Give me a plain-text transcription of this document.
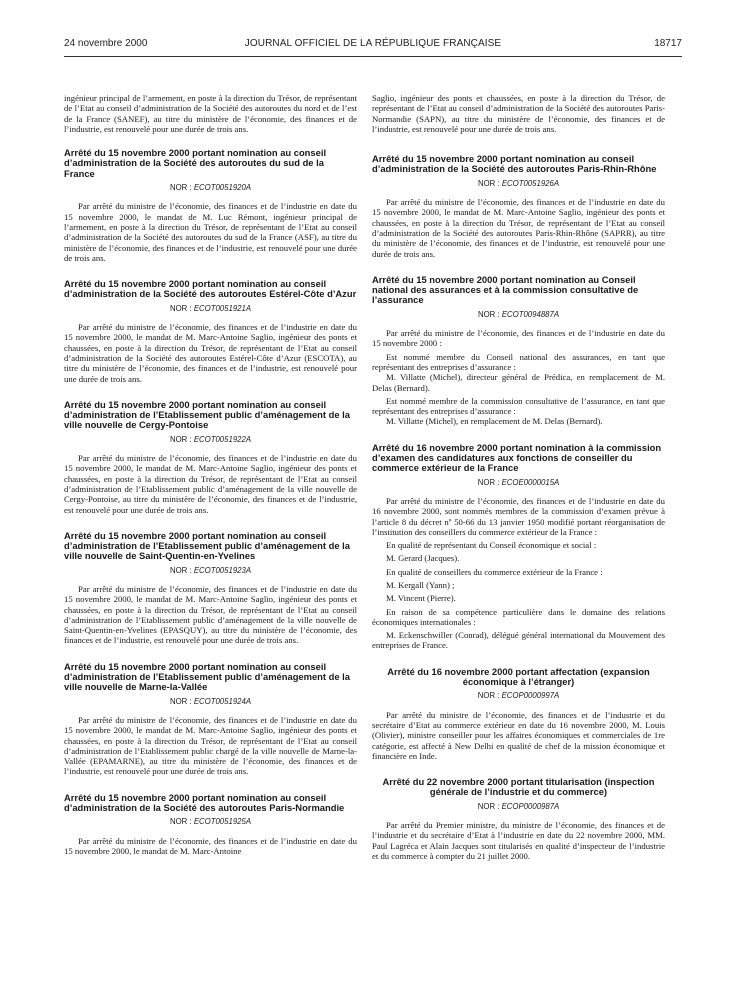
24 novembre 2000	JOURNAL OFFICIEL DE LA RÉPUBLIQUE FRANÇAISE	18717

ingénieur principal de l’armement, en poste à la direction du Trésor, de représentant de l’Etat au conseil d’administration de la Société des autoroutes du nord et de l’est de la France (SANEF), au titre du ministère de l’économie, des finances et de l’industrie, est renouvelé pour une durée de trois ans.

Arrêté du 15 novembre 2000 portant nomination au conseil d’administration de la Société des autoroutes du sud de la France

NOR : ECOT0051920A

Par arrêté du ministre de l’économie, des finances et de l’industrie en date du 15 novembre 2000, le mandat de M. Luc Rémont, ingénieur principal de l’armement, en poste à la direction du Trésor, de représentant de l’Etat au conseil d’administration de la Société des autoroutes du sud de la France (ASF), au titre du ministère de l’économie, des finances et de l’industrie, est renouvelé pour une durée de trois ans.

Arrêté du 15 novembre 2000 portant nomination au conseil d’administration de la Société des autoroutes Estérel-Côte d’Azur

NOR : ECOT0051921A

Par arrêté du ministre de l’économie, des finances et de l’industrie en date du 15 novembre 2000, le mandat de M. Marc-Antoine Saglio, ingénieur des ponts et chaussées, en poste à la direction du Trésor, de représentant de l’Etat au conseil d’administration de la Société des autoroutes Estérel-Côte d’Azur (ESCOTA), au titre du ministère de l’économie, des finances et de l’industrie, est renouvelé pour une durée de trois ans.

Arrêté du 15 novembre 2000 portant nomination au conseil d’administration de l’Etablissement public d’aménagement de la ville nouvelle de Cergy-Pontoise

NOR : ECOT0051922A

Par arrêté du ministre de l’économie, des finances et de l’industrie en date du 15 novembre 2000, le mandat de M. Marc-Antoine Saglio, ingénieur des ponts et chaussées, en poste à la direction du Trésor, de représentant de l’Etat au conseil d’administration de l’Etablissement public d’aménagement de la ville nouvelle de Cergy-Pontoise, au titre du ministère de l’économie, des finances et de l’industrie, est renouvelé pour une durée de trois ans.

Arrêté du 15 novembre 2000 portant nomination au conseil d’administration de l’Etablissement public d’aménagement de la ville nouvelle de Saint-Quentin-en-Yvelines

NOR : ECOT0051923A

Par arrêté du ministre de l’économie, des finances et de l’industrie en date du 15 novembre 2000, le mandat de M. Marc-Antoine Saglio, ingénieur des ponts et chaussées, en poste à la direction du Trésor, de représentant de l’Etat au conseil d’administration de l’Etablissement public d’aménagement de la ville nouvelle de Saint-Quentin-en-Yvelines (EPASQUY), au titre du ministère de l’économie, des finances et de l’industrie, est renouvelé pour une durée de trois ans.

Arrêté du 15 novembre 2000 portant nomination au conseil d’administration de l’Etablissement public d’aménagement de la ville nouvelle de Marne-la-Vallée

NOR : ECOT0051924A

Par arrêté du ministre de l’économie, des finances et de l’industrie en date du 15 novembre 2000, le mandat de M. Marc-Antoine Saglio, ingénieur des ponts et chaussées, en poste à la direction du Trésor, de représentant de l’Etat au conseil d’administration de l’Etablissement public chargé de la ville nouvelle de Marne-la-Vallée (EPAMARNE), au titre du ministère de l’économie, des finances et de l’industrie, est renouvelé pour une durée de trois ans.

Arrêté du 15 novembre 2000 portant nomination au conseil d’administration de la Société des autoroutes Paris-Normandie

NOR : ECOT0051925A

Par arrêté du ministre de l’économie, des finances et de l’industrie en date du 15 novembre 2000, le mandat de M. Marc-Antoine

Saglio, ingénieur des ponts et chaussées, en poste à la direction du Trésor, de représentant de l’Etat au conseil d’administration de la Société des autoroutes Paris-Normandie (SAPN), au titre du ministère de l’économie, des finances et de l’industrie, est renouvelé pour une durée de trois ans.

Arrêté du 15 novembre 2000 portant nomination au conseil d’administration de la Société des autoroutes Paris-Rhin-Rhône

NOR : ECOT0051926A

Par arrêté du ministre de l’économie, des finances et de l’industrie en date du 15 novembre 2000, le mandat de M. Marc-Antoine Saglio, ingénieur des ponts et chaussées, en poste à la direction du Trésor, de représentant de l’Etat au conseil d’administration de la Société des autoroutes Paris-Rhin-Rhône (SAPRR), au titre du ministère de l’économie, des finances et de l’industrie, est renouvelé pour une durée de trois ans.

Arrêté du 15 novembre 2000 portant nomination au Conseil national des assurances et à la commission consultative de l’assurance

NOR : ECOT0094887A

Par arrêté du ministre de l’économie, des finances et de l’industrie en date du 15 novembre 2000 :

Est nommé membre du Conseil national des assurances, en tant que représentant des entreprises d’assurance :

M. Villatte (Michel), directeur général de Prédica, en remplacement de M. Delas (Bernard).

Est nommé membre de la commission consultative de l’assurance, en tant que représentant des entreprises d’assurance :

M. Villatte (Michel), en remplacement de M. Delas (Bernard).

Arrêté du 16 novembre 2000 portant nomination à la commission d’examen des candidatures aux fonctions de conseiller du commerce extérieur de la France

NOR : ECOE0000015A

Par arrêté du ministre de l’économie, des finances et de l’industrie en date du 16 novembre 2000, sont nommés membres de la commission d’examen prévue à l’article 8 du décret nº 50-66 du 13 janvier 1950 modifié portant réorganisation de l’institution des conseillers du commerce extérieur de la France :

En qualité de représentant du Conseil économique et social :

M. Gerard (Jacques).

En qualité de conseillers du commerce extérieur de la France :

M. Kergall (Yann) ;

M. Vincent (Pierre).

En raison de sa compétence particulière dans le domaine des relations économiques internationales :

M. Eckenschwiller (Conrad), délégué général international du Mouvement des entreprises de France.

Arrêté du 16 novembre 2000 portant affectation (expansion économique à l’étranger)

NOR : ECOP0000997A

Par arrêté du ministre de l’économie, des finances et de l’industrie et du secrétaire d’Etat au commerce extérieur en date du 16 novembre 2000, M. Louis (Olivier), ministre conseiller pour les affaires économiques et commerciales de 1re catégorie, est affecté à New Delhi en qualité de chef de la mission économique et financière en Inde.

Arrêté du 22 novembre 2000 portant titularisation (inspection générale de l’industrie et du commerce)

NOR : ECOP0000987A

Par arrêté du Premier ministre, du ministre de l’économie, des finances et de l’industrie et du secrétaire d’Etat à l’industrie en date du 22 novembre 2000, MM. Paul Lagréca et Alain Jacques sont titularisés en qualité d’inspecteur de l’industrie et du commerce à compter du 21 juillet 2000.
